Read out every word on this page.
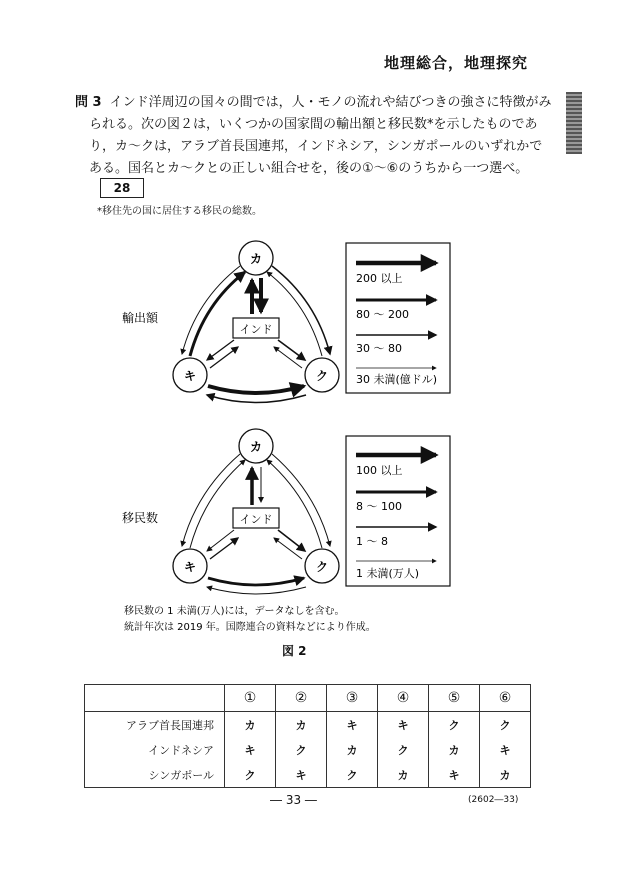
地理総合，地理探究
問 3 インド洋周辺の国々の間では，人・モノの流れや結びつきの強さに特徴がみ
られる。次の図２は，いくつかの国家間の輸出額と移民数*を示したものであ
り，カ～クは，アラブ首長国連邦，インドネシア，シンガポールのいずれかで
ある。国名とカ～クとの正しい組合せを，後の①～⑥のうちから一つ選べ。
28
*移住先の国に居住する移民の総数。
輸出額
カ
キ	ク
インド
200 以上
80 ～ 200
30 ～ 80
30 未満(億ドル)
移民数
カ
キ	ク
インド
100 以上
8 ～ 100
1 ～ 8
1 未満(万人)
移民数の 1 未満(万人)には，データなしを含む。
統計年次は 2019 年。国際連合の資料などにより作成。
図 2
	①	②	③	④	⑤	⑥
アラブ首長国連邦	カ	カ	キ	キ	ク	ク
インドネシア	キ	ク	カ	ク	カ	キ
シンガポール	ク	キ	ク	カ	キ	カ
― 33 ―	(2602―33)
